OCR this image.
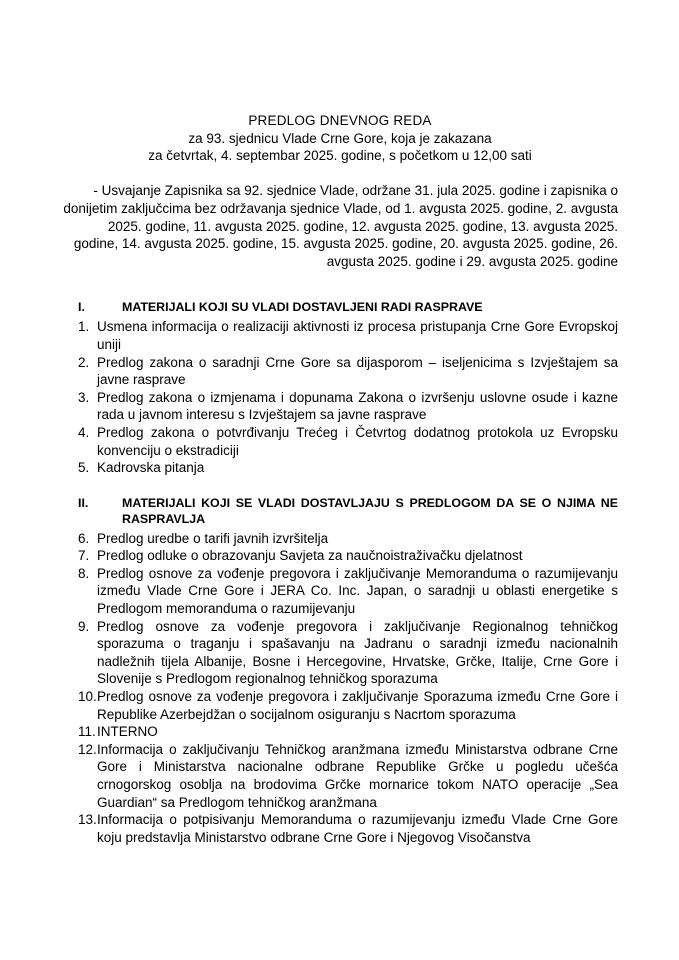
PREDLOG DNEVNOG REDA
za 93. sjednicu Vlade Crne Gore, koja je zakazana
za četvrtak, 4. septembar 2025. godine, s početkom u 12,00 sati

- Usvajanje Zapisnika sa 92. sjednice Vlade, održane 31. jula 2025. godine i zapisnika o donijetim zaključcima bez održavanja sjednice Vlade, od 1. avgusta 2025. godine, 2. avgusta 2025. godine, 11. avgusta 2025. godine, 12. avgusta 2025. godine, 13. avgusta 2025. godine, 14. avgusta 2025. godine, 15. avgusta 2025. godine, 20. avgusta 2025. godine, 26. avgusta 2025. godine i 29. avgusta 2025. godine

I.	MATERIJALI KOJI SU VLADI DOSTAVLJENI RADI RASPRAVE
1. Usmena informacija o realizaciji aktivnosti iz procesa pristupanja Crne Gore Evropskoj uniji
2. Predlog zakona o saradnji Crne Gore sa dijasporom – iseljenicima s Izvještajem sa javne rasprave
3. Predlog zakona o izmjenama i dopunama Zakona o izvršenju uslovne osude i kazne rada u javnom interesu s Izvještajem sa javne rasprave
4. Predlog zakona o potvrđivanju Trećeg i Četvrtog dodatnog protokola uz Evropsku konvenciju o ekstradiciji
5. Kadrovska pitanja
II.	MATERIJALI KOJI SE VLADI DOSTAVLJAJU S PREDLOGOM DA SE O NJIMA NE RASPRAVLJA
6. Predlog uredbe o tarifi javnih izvršitelja
7. Predlog odluke o obrazovanju Savjeta za naučnoistraživačku djelatnost
8. Predlog osnove za vođenje pregovora i zaključivanje Memoranduma o razumijevanju između Vlade Crne Gore i JERA Co. Inc. Japan, o saradnji u oblasti energetike s Predlogom memoranduma o razumijevanju
9. Predlog osnove za vođenje pregovora i zaključivanje Regionalnog tehničkog sporazuma o traganju i spašavanju na Jadranu o saradnji između nacionalnih nadležnih tijela Albanije, Bosne i Hercegovine, Hrvatske, Grčke, Italije, Crne Gore i Slovenije s Predlogom regionalnog tehničkog sporazuma
10. Predlog osnove za vođenje pregovora i zaključivanje Sporazuma između Crne Gore i Republike Azerbejdžan o socijalnom osiguranju s Nacrtom sporazuma
11. INTERNO
12. Informacija o zaključivanju Tehničkog aranžmana između Ministarstva odbrane Crne Gore i Ministarstva nacionalne odbrane Republike Grčke u pogledu učešća crnogorskog osoblja na brodovima Grčke mornarice tokom NATO operacije „Sea Guardian“ sa Predlogom tehničkog aranžmana
13. Informacija o potpisivanju Memoranduma o razumijevanju između Vlade Crne Gore koju predstavlja Ministarstvo odbrane Crne Gore i Njegovog Visočanstva
